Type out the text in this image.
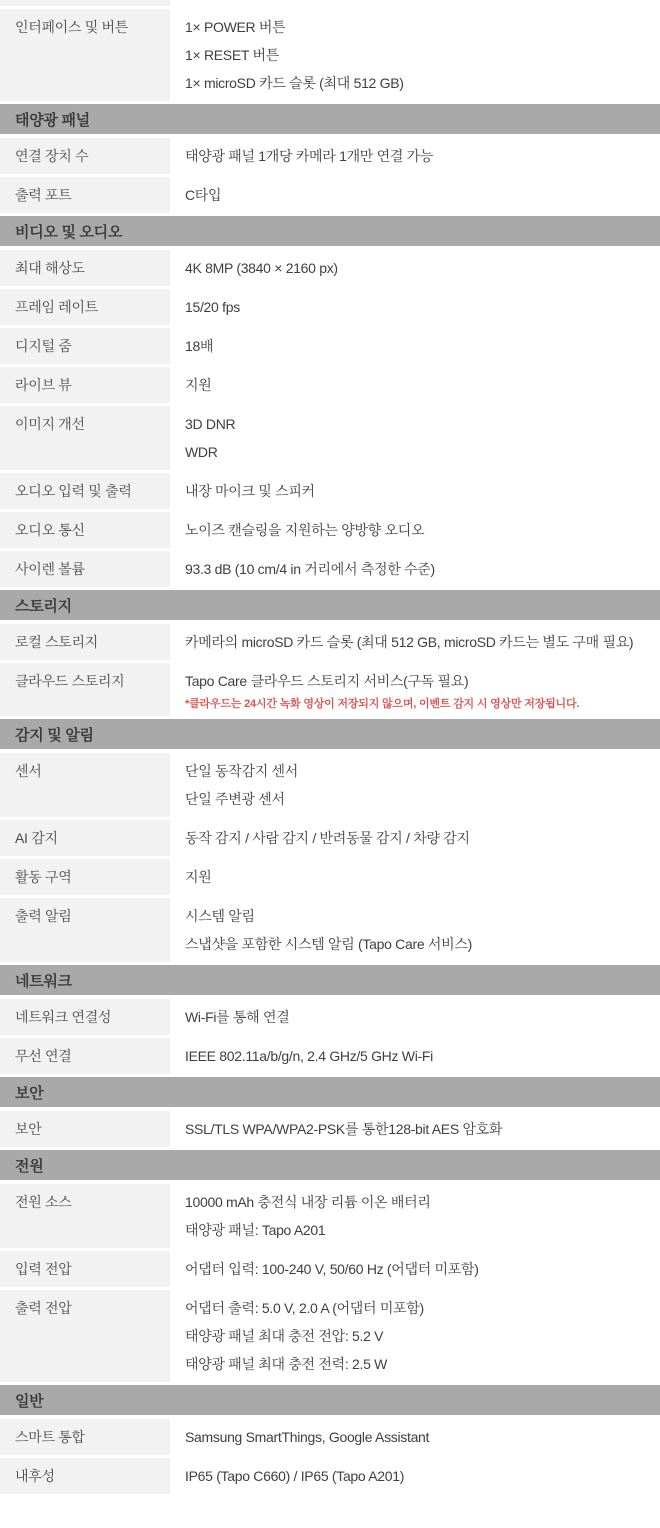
인터페이스 및 버튼	1× POWER 버튼
1× RESET 버튼
1× microSD 카드 슬롯 (최대 512 GB)
태양광 패널
연결 장치 수	태양광 패널 1개당 카메라 1개만 연결 가능
출력 포트	C타입
비디오 및 오디오
최대 해상도	4K 8MP (3840 × 2160 px)
프레임 레이트	15/20 fps
디지털 줌	18배
라이브 뷰	지원
이미지 개선	3D DNR
WDR
오디오 입력 및 출력	내장 마이크 및 스피커
오디오 통신	노이즈 캔슬링을 지원하는 양방향 오디오
사이렌 볼륨	93.3 dB (10 cm/4 in 거리에서 측정한 수준)
스토리지
로컬 스토리지	카메라의 microSD 카드 슬롯 (최대 512 GB, microSD 카드는 별도 구매 필요)
클라우드 스토리지	Tapo Care 클라우드 스토리지 서비스(구독 필요)
*클라우드는 24시간 녹화 영상이 저장되지 않으며, 이벤트 감지 시 영상만 저장됩니다.
감지 및 알림
센서	단일 동작감지 센서
단일 주변광 센서
AI 감지	동작 감지 / 사람 감지 / 반려동물 감지 / 차량 감지
활동 구역	지원
출력 알림	시스템 알림
스냅샷을 포함한 시스템 알림 (Tapo Care 서비스)
네트워크
네트워크 연결성	Wi-Fi를 통해 연결
무선 연결	IEEE 802.11a/b/g/n, 2.4 GHz/5 GHz Wi-Fi
보안
보안	SSL/TLS WPA/WPA2-PSK를 통한128-bit AES 암호화
전원
전원 소스	10000 mAh 충전식 내장 리튬 이온 배터리
태양광 패널: Tapo A201
입력 전압	어댑터 입력: 100-240 V, 50/60 Hz (어댑터 미포함)
출력 전압	어댑터 출력: 5.0 V, 2.0 A (어댑터 미포함)
태양광 패널 최대 충전 전압: 5.2 V
태양광 패널 최대 충전 전력: 2.5 W
일반
스마트 통합	Samsung SmartThings, Google Assistant
내후성	IP65 (Tapo C660) / IP65 (Tapo A201)
